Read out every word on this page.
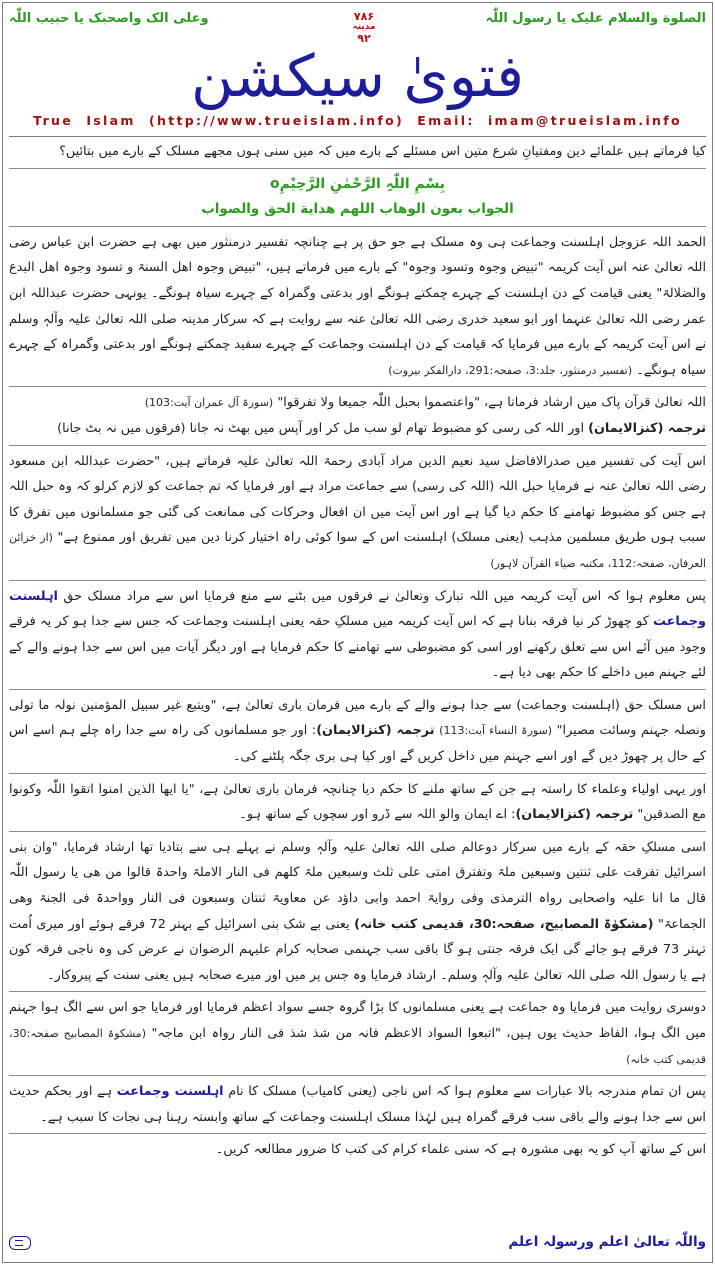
وعلی الک واصحبک یا حبیب اللّٰہ	۷۸۶
مدینہ
۹۲
الصلوة والسلام علیک یا رسول اللّٰہ
فتویٰ سیکشن
True  Islam  (http://www.trueislam.info)  Email:  imam@trueislam.info

کیا فرماتے ہیں علمائے دین ومفتیانِ شرع متین اس مسئلے کے بارے میں کہ میں سنی ہوں مجھے مسلک کے بارے میں بتائیں؟

بِسْمِ اللّٰہِ الرَّحْمٰنِ الرَّحِیْمِo

الجواب بعون الوهاب اللهم هداية الحق والصواب

الحمد اللہ عزوجل اہلسنت وجماعت ہی وہ مسلک ہے جو حق پر ہے چنانچہ تفسیر درمنثور میں بھی ہے حضرت ابن عباس رضی اللہ تعالیٰ عنہ اس آیت کریمہ "تبیض وجوہ وتسود وجوہ" کے بارے میں فرماتے ہیں، "تبیض وجوہ اھل السنۃ و تسود وجوہ اھل البدع والضلالۃ" یعنی قیامت کے دن اہلسنت کے چہرے چمکتے ہونگے اور بدعتی وگمراہ کے چہرے سیاہ ہونگے۔ یونہی حضرت عبداللہ ابن عمر رضی اللہ تعالیٰ عنہما اور ابو سعید خدری رضی اللہ تعالیٰ عنہ سے روایت ہے کہ سرکار مدینہ صلی اللہ تعالیٰ علیہ وآلہٖ وسلم نے اس آیت کریمہ کے بارے میں فرمایا کہ قیامت کے دن اہلسنت وجماعت کے چہرے سفید چمکتے ہونگے اور بدعتی وگمراہ کے چہرے سیاہ ہونگے۔ (تفسیر درمنثور، جلد:3، صفحہ:291، دارالفکر بیروت)

اللہ تعالیٰ قرآن پاک میں ارشاد فرماتا ہے، "واعتصموا بحبل اللّٰہ جمیعا ولا تفرقوا" (سورۃ آل عمران آیت:103)

ترجمہ (کنزالایمان) اور اللہ کی رسی کو مضبوط تھام لو سب مل کر اور آپس میں بھٹ نہ جانا (فرقوں میں نہ بٹ جانا)

اس آیت کی تفسیر میں صدرالافاضل سید نعیم الدین مراد آبادی رحمۃ اللہ تعالیٰ علیہ فرماتے ہیں، "حضرت عبداللہ ابن مسعود رضی اللہ تعالیٰ عنہ نے فرمایا حبل اللہ (اللہ کی رسی) سے جماعت مراد ہے اور فرمایا کہ تم جماعت کو لازم کرلو کہ وہ حبل اللہ ہے جس کو مضبوط تھامنے کا حکم دیا گیا ہے اور اس آیت میں ان افعال وحرکات کی ممانعت کی گئی جو مسلمانوں میں تفرق کا سبب ہوں طریق مسلمین مذہب (یعنی مسلک) اہلسنت اس کے سوا کوئی راہ اختیار کرنا دین میں تفریق اور ممنوع ہے" (از خزائن العرفان، صفحہ:112، مکتبہ ضیاء القرآن لاہور)

پس معلوم ہوا کہ اس آیت کریمہ میں اللہ تبارک وتعالیٰ نے فرقوں میں بٹنے سے منع فرمایا اس سے مراد مسلک حق اہلسنت وجماعت کو چھوڑ کر نیا فرقہ بنانا ہے کہ اس آیت کریمہ میں مسلکِ حقہ یعنی اہلسنت وجماعت کہ جس سے جدا ہو کر یہ فرقے وجود میں آئے اس سے تعلق رکھنے اور اسی کو مضبوطی سے تھامنے کا حکم فرمایا ہے اور دیگر آیات میں اس سے جدا ہونے والے کے لئے جہنم میں داخلے کا حکم بھی دیا ہے۔

اس مسلک حق (اہلسنت وجماعت) سے جدا ہونے والے کے بارے میں فرمان باری تعالیٰ ہے، "ویتبع غیر سبیل المؤمنین نولہ ما تولی ونصلہ جہنم وسائت مصیرا" (سورۃ النساء آیت:113) ترجمہ (کنزالایمان): اور جو مسلمانوں کی راہ سے جدا راہ چلے ہم اسے اس کے حال پر چھوڑ دیں گے اور اسے جہنم میں داخل کریں گے اور کیا ہی بری جگہ پلٹنے کی۔

اور یہی اولیاء وعلماء کا راستہ ہے جن کے ساتھ ملنے کا حکم دیا چنانچہ فرمان باری تعالیٰ ہے، "یا ایھا الذین امنوا اتقوا اللّٰہ وکونوا مع الصدقین" ترجمہ (کنزالایمان): اے ایمان والو اللہ سے ڈرو اور سچوں کے ساتھ ہو۔

اسی مسلکِ حقہ کے بارے میں سرکار دوعالم صلی اللہ تعالیٰ علیہ وآلہٖ وسلم نے پہلے ہی سے بتادیا تھا ارشاد فرمایا، "وان بنی اسرائیل تفرقت علی ثنتین وسبعین ملۃ وتفترق امتی علی ثلث وسبعین ملۃ کلھم فی النار الاملۃ واحدۃ قالوا من ھی یا رسول اللّٰہ قال ما انا علیہ واصحابی رواہ الترمذی وفی روایۃ احمد وابی داؤد عن معاویۃ ثنتان وسبعون فی النار وواحدۃ فی الجنۃ وھی الجماعۃ" (مشکوٰۃ المصابیح، صفحہ:30، قدیمی کتب خانہ) یعنی بے شک بنی اسرائیل کے بہتر 72 فرقے ہوئے اور میری اُمت تہتر 73 فرقے ہو جائے گی ایک فرقہ جنتی ہو گا باقی سب جہنمی صحابہ کرام علیہم الرضوان نے عرض کی وہ ناجی فرقہ کون ہے یا رسول اللہ صلی اللہ تعالیٰ علیہ وآلہٖ وسلم۔ ارشاد فرمایا وہ جس پر میں اور میرے صحابہ ہیں یعنی سنت کے پیروکار۔

دوسری روایت میں فرمایا وہ جماعت ہے یعنی مسلمانوں کا بڑا گروہ جسے سواد اعظم فرمایا اور فرمایا جو اس سے الگ ہوا جہنم میں الگ ہوا، الفاظ حدیث یوں ہیں، "اتبعوا السواد الاعظم فانہ من شذ شذ فی النار رواہ ابن ماجہ" (مشکوۃ المصابیح صفحہ:30، قدیمی کتب خانہ)

پس ان تمام مندرجہ بالا عبارات سے معلوم ہوا کہ اس ناجی (یعنی کامیاب) مسلک کا نام اہلسنت وجماعت ہے اور بحکم حدیث اس سے جدا ہونے والے باقی سب فرقے گمراہ ہیں لہٰذا مسلک اہلسنت وجماعت کے ساتھ وابستہ رہنا ہی نجات کا سبب ہے۔

اس کے ساتھ آپ کو یہ بھی مشورہ ہے کہ سنی علماء کرام کی کتب کا ضرور مطالعہ کریں۔

واللّٰہ تعالیٰ اعلم ورسولہ اعلم
